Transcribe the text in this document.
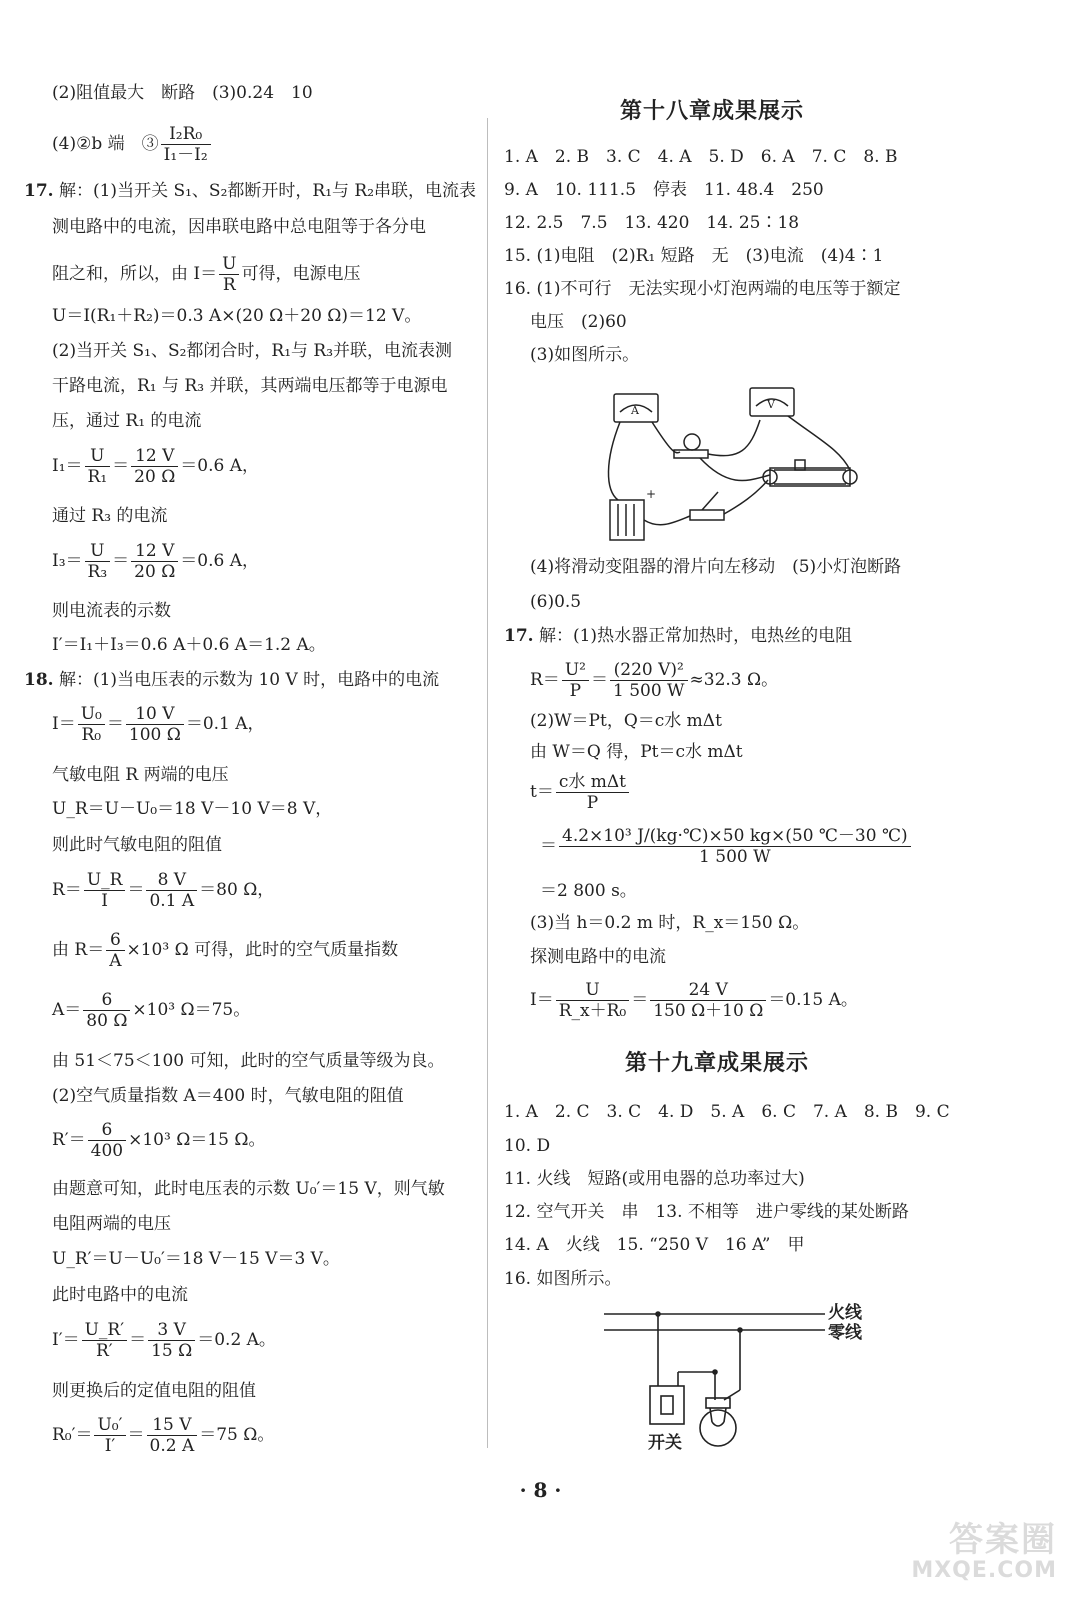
(2)阻值最大　断路　(3)0.24　10
(4)②b 端　③ $\frac{\text{I₂R₀}}{\text{I₁－I₂}}$
17. 解：(1)当开关 S₁、S₂都断开时，R₁与 R₂串联，电流表
测电路中的电流，因串联电路中总电阻等于各分电
阻之和，所以，由 $I= \frac{U}{R}$ 可得，电源电压
U＝I(R₁＋R₂)＝0.3 A×(20 Ω＋20 Ω)＝12 V。
(2)当开关 S₁、S₂都闭合时，R₁与 R₃并联，电流表测
干路电流，R₁ 与 R₃ 并联，其两端电压都等于电源电
压，通过 R₁ 的电流
$I_1= \frac{U}{\text{R₁}} = \frac{12 V}{20 \Omega} =0.6$ A，
通过 R₃ 的电流
$I_3= \frac{U}{\text{R₃}} = \frac{12 V}{20 \Omega} =0.6$ A，
则电流表的示数
I′＝I₁＋I₃＝0.6 A＋0.6 A＝1.2 A。
18. 解：(1)当电压表的示数为 10 V 时，电路中的电流
$I= \frac{\text{U₀}}{\text{R₀}} = \frac{10 V}{100 \Omega} =0.1$ A，
气敏电阻 R 两端的电压
U_R＝U－U₀＝18 V－10 V＝8 V，
则此时气敏电阻的阻值
$R= \frac{U\_R}{I} = \frac{8 V}{0.1 A} =80$ Ω，
由 $R= \frac{6}{A} \times 10^3$ Ω 可得，此时的空气质量指数
$A= \frac{6}{80 \Omega} \times 10^3$ Ω＝75。
由 51＜75＜100 可知，此时的空气质量等级为良。
(2)空气质量指数 A＝400 时，气敏电阻的阻值
$R'= \frac{6}{400} \times 10^3$ Ω＝15 Ω。
由题意可知，此时电压表的示数 U₀′＝15 V，则气敏
电阻两端的电压
U_R′＝U－U₀′＝18 V－15 V＝3 V。
此时电路中的电流
$I'= \frac{U\_R'}{R'} = \frac{3 V}{15 \Omega} =0.2$ A。
则更换后的定值电阻的阻值
$R_0'= \frac{\text{U₀′}}{I'} = \frac{15 V}{0.2 A} =75$ Ω。
第十八章成果展示
1. A　2. B　3. C　4. A　5. D　6. A　7. C　8. B
9. A　10. 111.5　停表　11. 48.4　250
12. 2.5　7.5　13. 420　14. 25∶18
15. (1)电阻　(2)R₁ 短路　无　(3)电流　(4)4∶1
16. (1)不可行　无法实现小灯泡两端的电压等于额定
电压　(2)60
(3)如图所示。
A	V
+
(4)将滑动变阻器的滑片向左移动　(5)小灯泡断路
(6)0.5
17. 解：(1)热水器正常加热时，电热丝的电阻
$R= \frac{\text{U²}}{P} = \frac{\text{(220 V)²}}{1 500 W} \approx 32.3$ Ω。
(2)W＝Pt，Q＝c水 mΔt
由 W＝Q 得，Pt＝c水 mΔt
$t= \frac{\text{c水 mΔt}}{P}$
＝ $\frac{\text{4.2×10³ J/(kg·℃)×50 kg×(50 ℃－30 ℃)}}{1 500 W}$
＝2 800 s。
(3)当 h＝0.2 m 时，R_x＝150 Ω。
探测电路中的电流
$I= \frac{U}{\text{R\_x＋R₀}} = \frac{24 V}{150 \Omega+10 \Omega} =0.15$ A。
第十九章成果展示
1. A　2. C　3. C　4. D　5. A　6. C　7. A　8. B　9. C
10. D
11. 火线　短路(或用电器的总功率过大)
12. 空气开关　串　13. 不相等　进户零线的某处断路
14. A　火线　15. “250 V　16 A”　甲
16. 如图所示。
火线
零线
开关
· 8 ·
答案圈
MXQE.COM
